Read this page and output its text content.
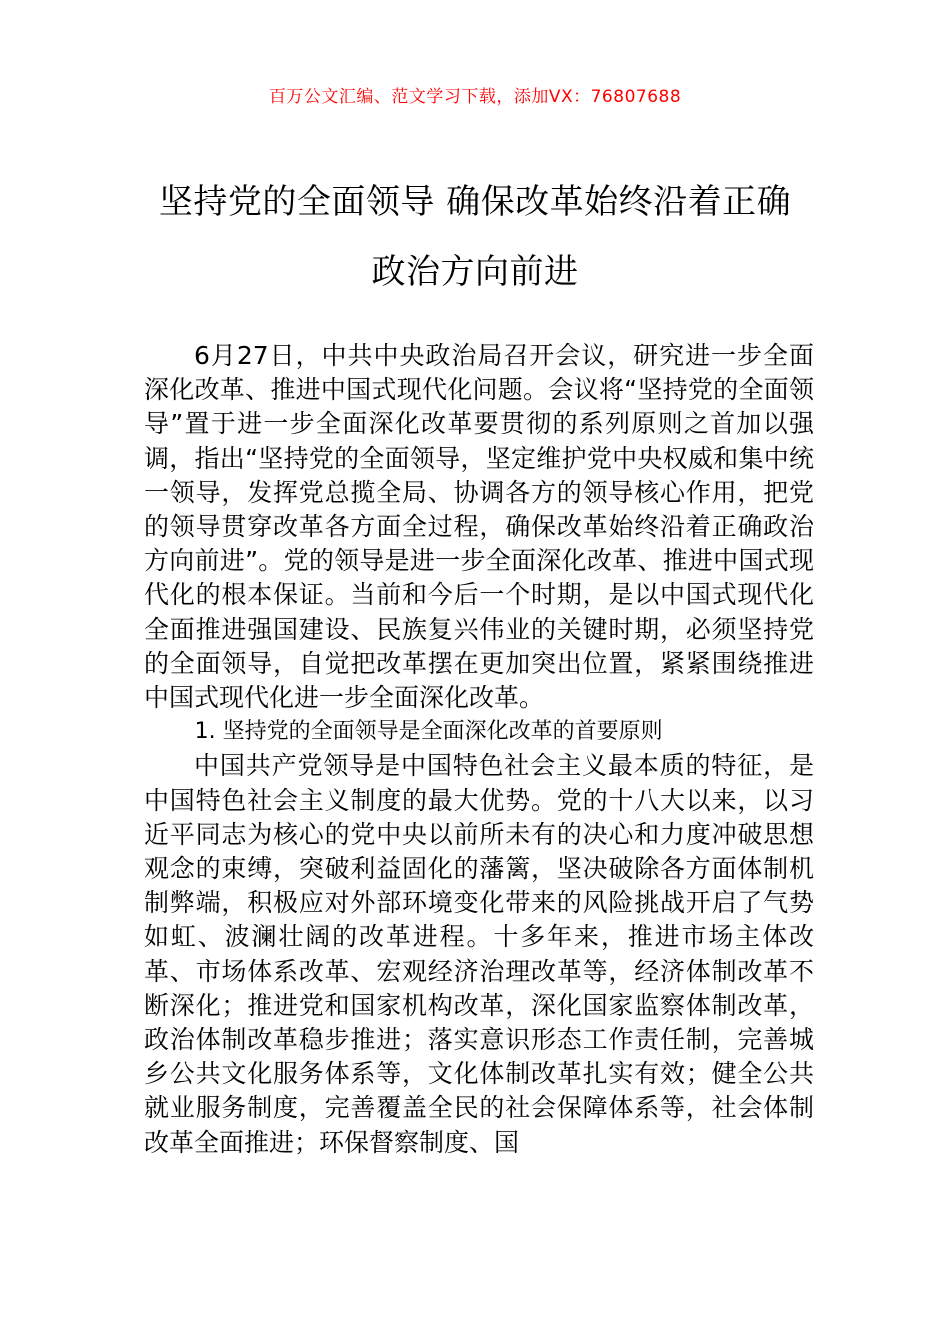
百万公文汇编、范文学习下载，添加VX：76807688
坚持党的全面领导 确保改革始终沿着正确
政治方向前进

6月27日，中共中央政治局召开会议，研究进一步全面深化改革、推进中国式现代化问题。会议将“坚持党的全面领导”置于进一步全面深化改革要贯彻的系列原则之首加以强调，指出“坚持党的全面领导，坚定维护党中央权威和集中统一领导，发挥党总揽全局、协调各方的领导核心作用，把党的领导贯穿改革各方面全过程，确保改革始终沿着正确政治方向前进”。党的领导是进一步全面深化改革、推进中国式现代化的根本保证。当前和今后一个时期，是以中国式现代化全面推进强国建设、民族复兴伟业的关键时期，必须坚持党的全面领导，自觉把改革摆在更加突出位置，紧紧围绕推进中国式现代化进一步全面深化改革。

1. 坚持党的全面领导是全面深化改革的首要原则

中国共产党领导是中国特色社会主义最本质的特征，是中国特色社会主义制度的最大优势。党的十八大以来，以习近平同志为核心的党中央以前所未有的决心和力度冲破思想观念的束缚，突破利益固化的藩篱，坚决破除各方面体制机制弊端，积极应对外部环境变化带来的风险挑战开启了气势如虹、波澜壮阔的改革进程。十多年来，推进市场主体改革、市场体系改革、宏观经济治理改革等，经济体制改革不断深化；推进党和国家机构改革，深化国家监察体制改革，政治体制改革稳步推进；落实意识形态工作责任制，完善城乡公共文化服务体系等，文化体制改革扎实有效；健全公共就业服务制度，完善覆盖全民的社会保障体系等，社会体制改革全面推进；环保督察制度、国
